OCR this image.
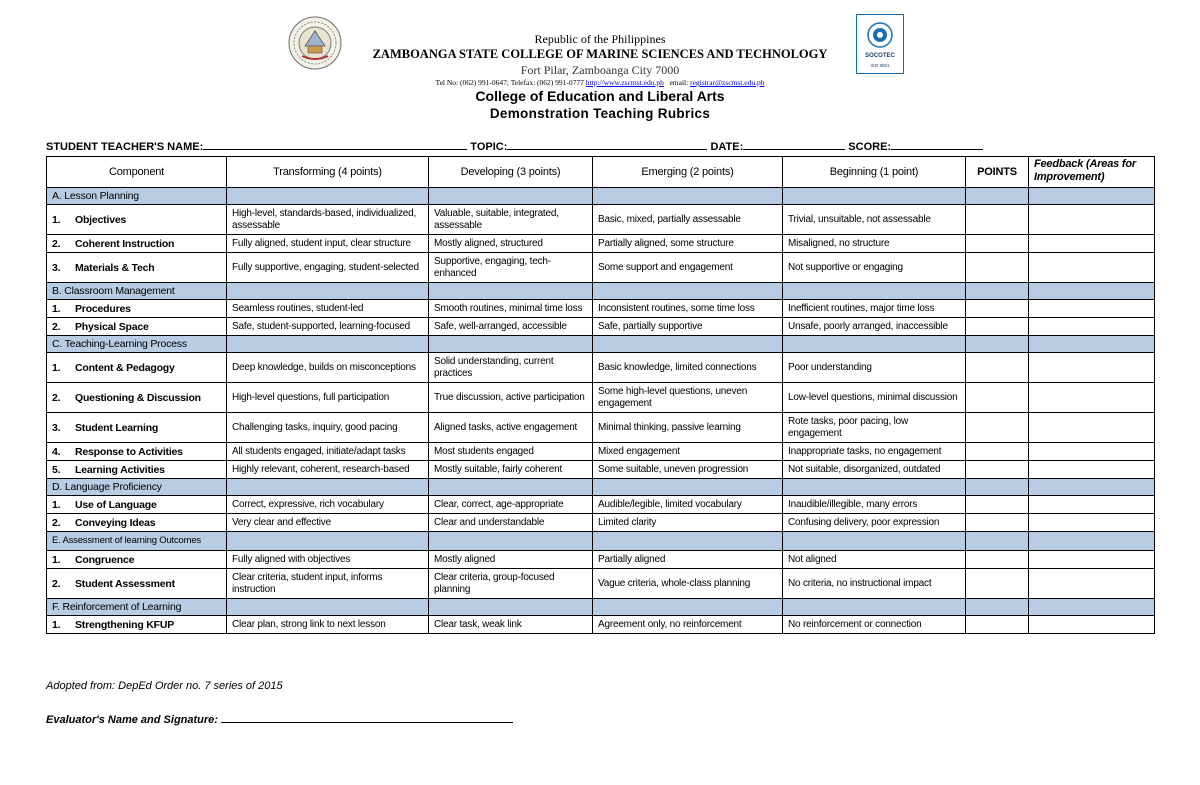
SOCOTEC
ISO 9001
Republic of the Philippines
ZAMBOANGA STATE COLLEGE OF MARINE SCIENCES AND TECHNOLOGY
Fort Pilar, Zamboanga City 7000
Tel No: (062) 991-0647; Telefax: (062) 991-0777 http://www.zscmst.edu.ph email: registrar@zscmst.edu.ph
College of Education and Liberal Arts
Demonstration Teaching Rubrics
STUDENT TEACHER'S NAME:	TOPIC:	DATE:	SCORE:
Component	Transforming (4 points)	Developing (3 points)	Emerging (2 points)	Beginning (1 point)	POINTS	Feedback (Areas for Improvement)
A. Lesson Planning						
1. Objectives	High-level, standards-based, individualized, assessable	Valuable, suitable, integrated, assessable	Basic, mixed, partially assessable	Trivial, unsuitable, not assessable		
2. Coherent Instruction	Fully aligned, student input, clear structure	Mostly aligned, structured	Partially aligned, some structure	Misaligned, no structure		
3. Materials & Tech	Fully supportive, engaging, student-selected	Supportive, engaging, tech-enhanced	Some support and engagement	Not supportive or engaging		
B. Classroom Management						
1. Procedures	Seamless routines, student-led	Smooth routines, minimal time loss	Inconsistent routines, some time loss	Inefficient routines, major time loss		
2. Physical Space	Safe, student-supported, learning-focused	Safe, well-arranged, accessible	Safe, partially supportive	Unsafe, poorly arranged, inaccessible		
C. Teaching-Learning Process						
1. Content & Pedagogy	Deep knowledge, builds on misconceptions	Solid understanding, current practices	Basic knowledge, limited connections	Poor understanding		
2. Questioning & Discussion	High-level questions, full participation	True discussion, active participation	Some high-level questions, uneven engagement	Low-level questions, minimal discussion		
3. Student Learning	Challenging tasks, inquiry, good pacing	Aligned tasks, active engagement	Minimal thinking, passive learning	Rote tasks, poor pacing, low engagement		
4. Response to Activities	All students engaged, initiate/adapt tasks	Most students engaged	Mixed engagement	Inappropriate tasks, no engagement		
5. Learning Activities	Highly relevant, coherent, research-based	Mostly suitable, fairly coherent	Some suitable, uneven progression	Not suitable, disorganized, outdated		
D. Language Proficiency						
1. Use of Language	Correct, expressive, rich vocabulary	Clear, correct, age-appropriate	Audible/legible, limited vocabulary	Inaudible/illegible, many errors		
2. Conveying Ideas	Very clear and effective	Clear and understandable	Limited clarity	Confusing delivery, poor expression		
E. Assessment of learning Outcomes						
1. Congruence	Fully aligned with objectives	Mostly aligned	Partially aligned	Not aligned		
2. Student Assessment	Clear criteria, student input, informs instruction	Clear criteria, group-focused planning	Vague criteria, whole-class planning	No criteria, no instructional impact		
F. Reinforcement of Learning						
1. Strengthening KFUP	Clear plan, strong link to next lesson	Clear task, weak link	Agreement only, no reinforcement	No reinforcement or connection		
Adopted from: DepEd Order no. 7 series of 2015
Evaluator's Name and Signature:
